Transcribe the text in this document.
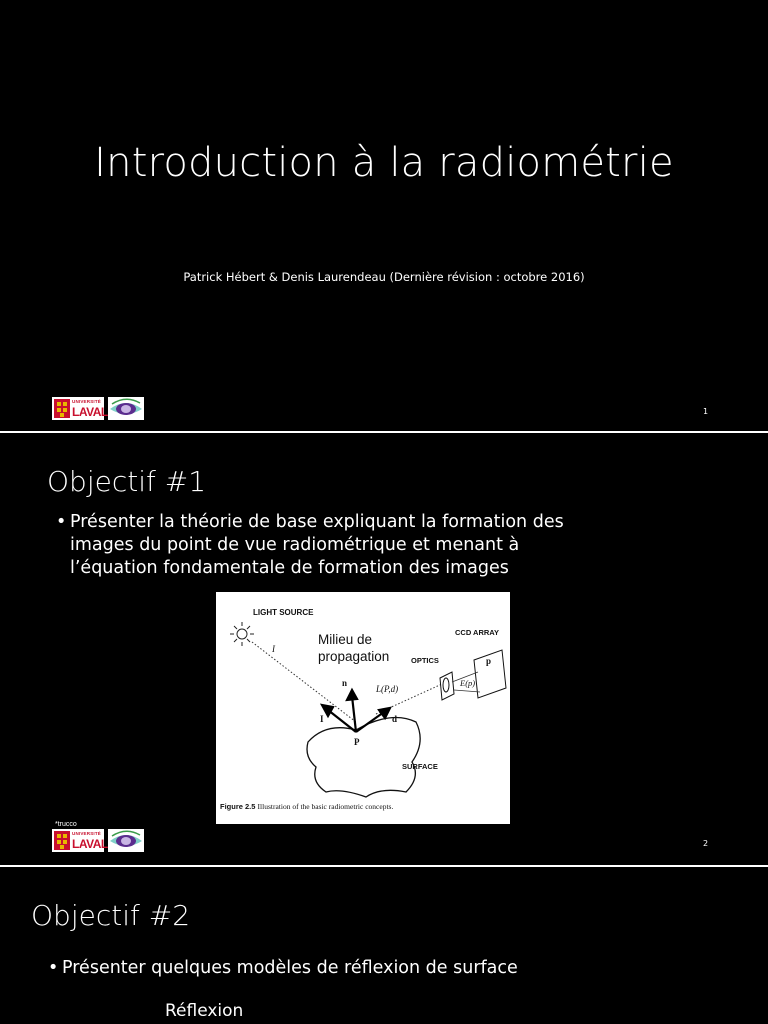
Introduction à la radiométrie
Patrick Hébert & Denis Laurendeau (Dernière révision : octobre 2016)
UNIVERSITÉ
LAVAL	1
Objectif #1
• Présenter la théorie de base expliquant la formation des
images du point de vue radiométrique et menant à
l’équation fondamentale de formation des images
LIGHT SOURCE
Milieu de
propagation	OPTICS
CCD ARRAY
SURFACE
I
n
I	d
P
L(P,d)
E(p)
p
Figure 2.5 Illustration of the basic radiometric concepts.
*trucco
UNIVERSITÉ
LAVAL	2
Objectif #2
• Présenter quelques modèles de réflexion de surface
Réflexion
